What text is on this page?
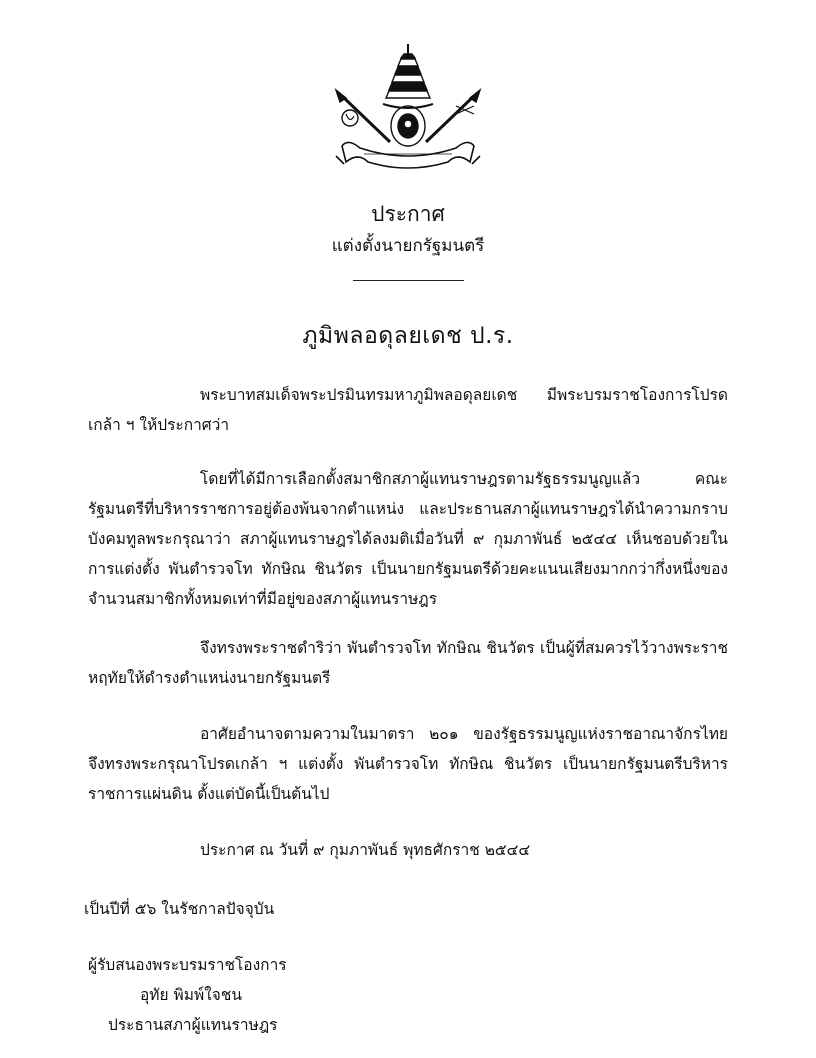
ประกาศ
แต่งตั้งนายกรัฐมนตรี
ภูมิพลอดุลยเดช ป.ร.
พระบาทสมเด็จพระปรมินทรมหาภูมิพลอดุลยเดช มีพระบรมราชโองการโปรดเกล้า ฯ ให้ประกาศว่า
โดยที่ได้มีการเลือกตั้งสมาชิกสภาผู้แทนราษฎรตามรัฐธรรมนูญแล้ว คณะรัฐมนตรีที่บริหารราชการอยู่ต้องพ้นจากตำแหน่ง และประธานสภาผู้แทนราษฎรได้นำความกราบบังคมทูลพระกรุณาว่า สภาผู้แทนราษฎรได้ลงมติเมื่อวันที่ ๙ กุมภาพันธ์ ๒๕๔๔ เห็นชอบด้วยในการแต่งตั้ง พันตำรวจโท ทักษิณ ชินวัตร เป็นนายกรัฐมนตรีด้วยคะแนนเสียงมากกว่ากึ่งหนึ่งของจำนวนสมาชิกทั้งหมดเท่าที่มีอยู่ของสภาผู้แทนราษฎร
จึงทรงพระราชดำริว่า พันตำรวจโท ทักษิณ ชินวัตร เป็นผู้ที่สมควรไว้วางพระราชหฤทัยให้ดำรงตำแหน่งนายกรัฐมนตรี
อาศัยอำนาจตามความในมาตรา ๒๐๑ ของรัฐธรรมนูญแห่งราชอาณาจักรไทย จึงทรงพระกรุณาโปรดเกล้า ฯ แต่งตั้ง พันตำรวจโท ทักษิณ ชินวัตร เป็นนายกรัฐมนตรีบริหารราชการแผ่นดิน ตั้งแต่บัดนี้เป็นต้นไป
ประกาศ ณ วันที่ ๙ กุมภาพันธ์ พุทธศักราช ๒๕๔๔
เป็นปีที่ ๕๖ ในรัชกาลปัจจุบัน
ผู้รับสนองพระบรมราชโองการ
อุทัย พิมพ์ใจชน
ประธานสภาผู้แทนราษฎร
